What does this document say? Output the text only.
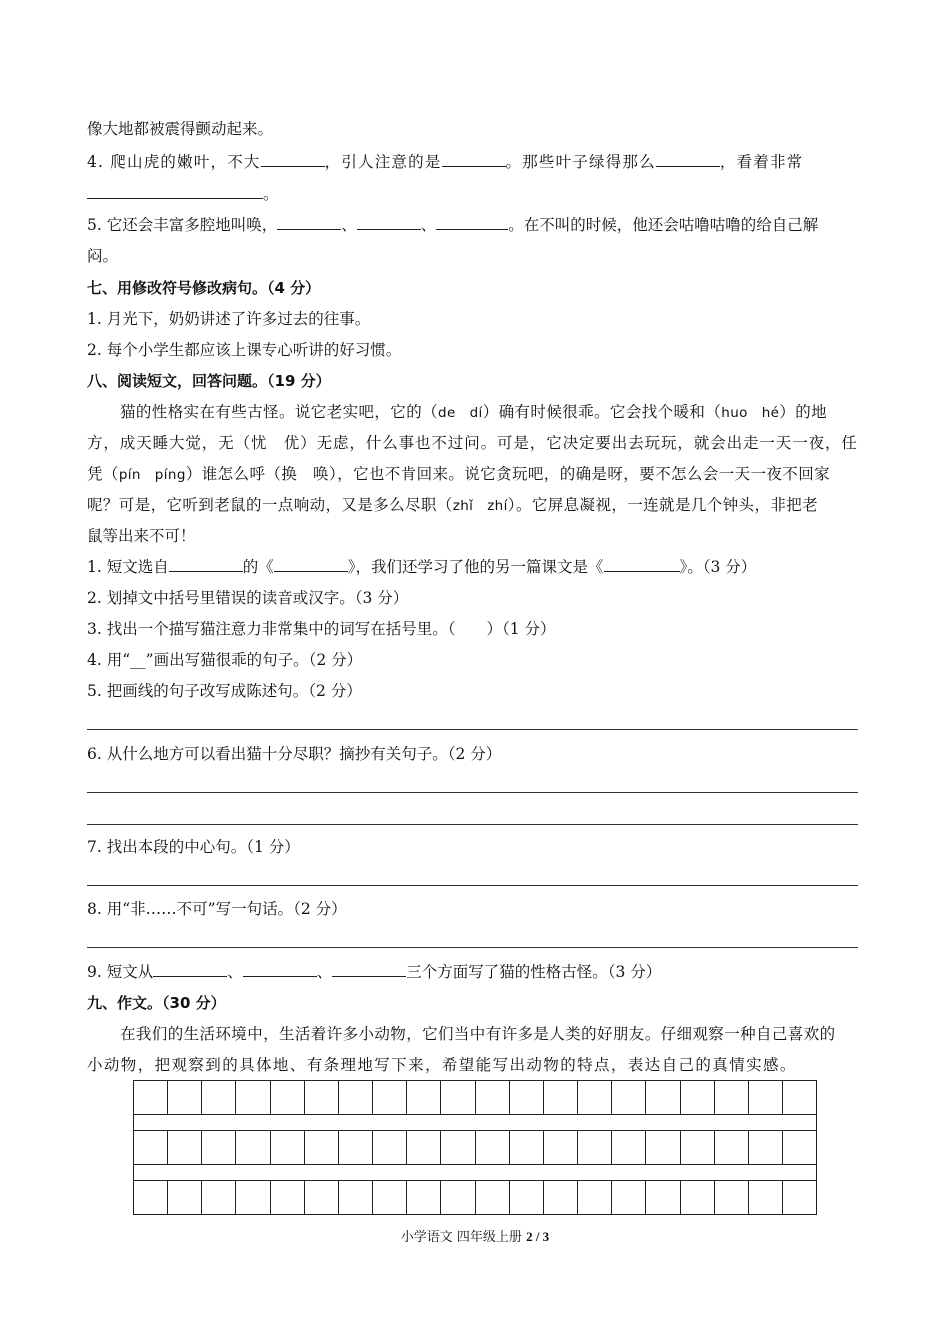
像大地都被震得颤动起来。
4. 爬山虎的嫩叶，不大	，引人注意的是	。那些叶子绿得那么	，看着非常
。
5. 它还会丰富多腔地叫唤，	、	、	。在不叫的时候，他还会咕噜咕噜的给自己解
闷。
七、用修改符号修改病句。（4 分）
1. 月光下，奶奶讲述了许多过去的往事。
2. 每个小学生都应该上课专心听讲的好习惯。
八、阅读短文，回答问题。（19 分）
猫的性格实在有些古怪。说它老实吧，它的（de　dí）确有时候很乖。它会找个暖和（huo　hé）的地
方，成天睡大觉，无（忧　优）无虑，什么事也不过问。可是，它决定要出去玩玩，就会出走一天一夜，任
凭（pín　píng）谁怎么呼（换　唤），它也不肯回来。说它贪玩吧，的确是呀，要不怎么会一天一夜不回家
呢？可是，它听到老鼠的一点响动，又是多么尽职（zhǐ　zhí）。它屏息凝视，一连就是几个钟头，非把老
鼠等出来不可！
1. 短文选自	的《	》，我们还学习了他的另一篇课文是《	》。（3 分）
2. 划掉文中括号里错误的读音或汉字。（3 分）
3. 找出一个描写猫注意力非常集中的词写在括号里。（　　）（1 分）
4. 用“__”画出写猫很乖的句子。（2 分）
5. 把画线的句子改写成陈述句。（2 分）
6. 从什么地方可以看出猫十分尽职？摘抄有关句子。（2 分）
7. 找出本段的中心句。（1 分）
8. 用“非……不可”写一句话。（2 分）
9. 短文从	、	、	三个方面写了猫的性格古怪。（3 分）
九、作文。（30 分）
在我们的生活环境中，生活着许多小动物，它们当中有许多是人类的好朋友。仔细观察一种自己喜欢的
小动物，把观察到的具体地、有条理地写下来，希望能写出动物的特点，表达自己的真情实感。
小学语文 四年级上册 2 / 3
